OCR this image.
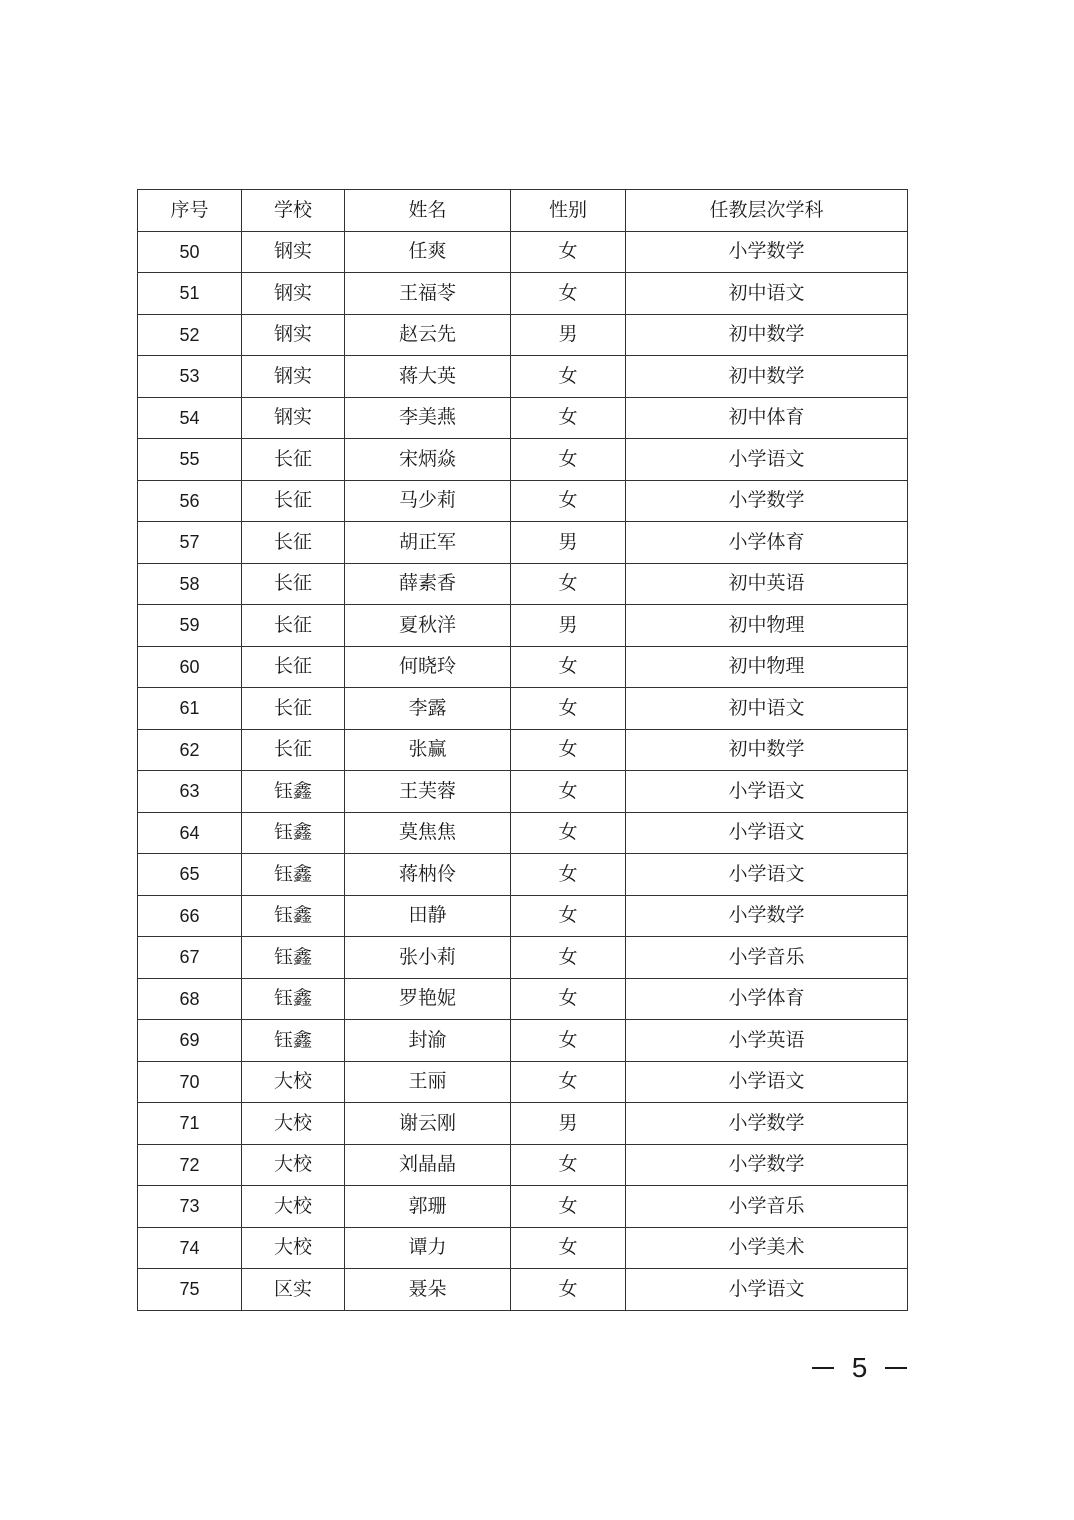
序号	学校	姓名	性别	任教层次学科
50	钢实	任爽	女	小学数学
51	钢实	王福苓	女	初中语文
52	钢实	赵云先	男	初中数学
53	钢实	蒋大英	女	初中数学
54	钢实	李美燕	女	初中体育
55	长征	宋炳焱	女	小学语文
56	长征	马少莉	女	小学数学
57	长征	胡正军	男	小学体育
58	长征	薛素香	女	初中英语
59	长征	夏秋洋	男	初中物理
60	长征	何晓玲	女	初中物理
61	长征	李露	女	初中语文
62	长征	张赢	女	初中数学
63	钰鑫	王芙蓉	女	小学语文
64	钰鑫	莫焦焦	女	小学语文
65	钰鑫	蒋枘伶	女	小学语文
66	钰鑫	田静	女	小学数学
67	钰鑫	张小莉	女	小学音乐
68	钰鑫	罗艳妮	女	小学体育
69	钰鑫	封渝	女	小学英语
70	大校	王丽	女	小学语文
71	大校	谢云刚	男	小学数学
72	大校	刘晶晶	女	小学数学
73	大校	郭珊	女	小学音乐
74	大校	谭力	女	小学美术
75	区实	聂朵	女	小学语文
5
